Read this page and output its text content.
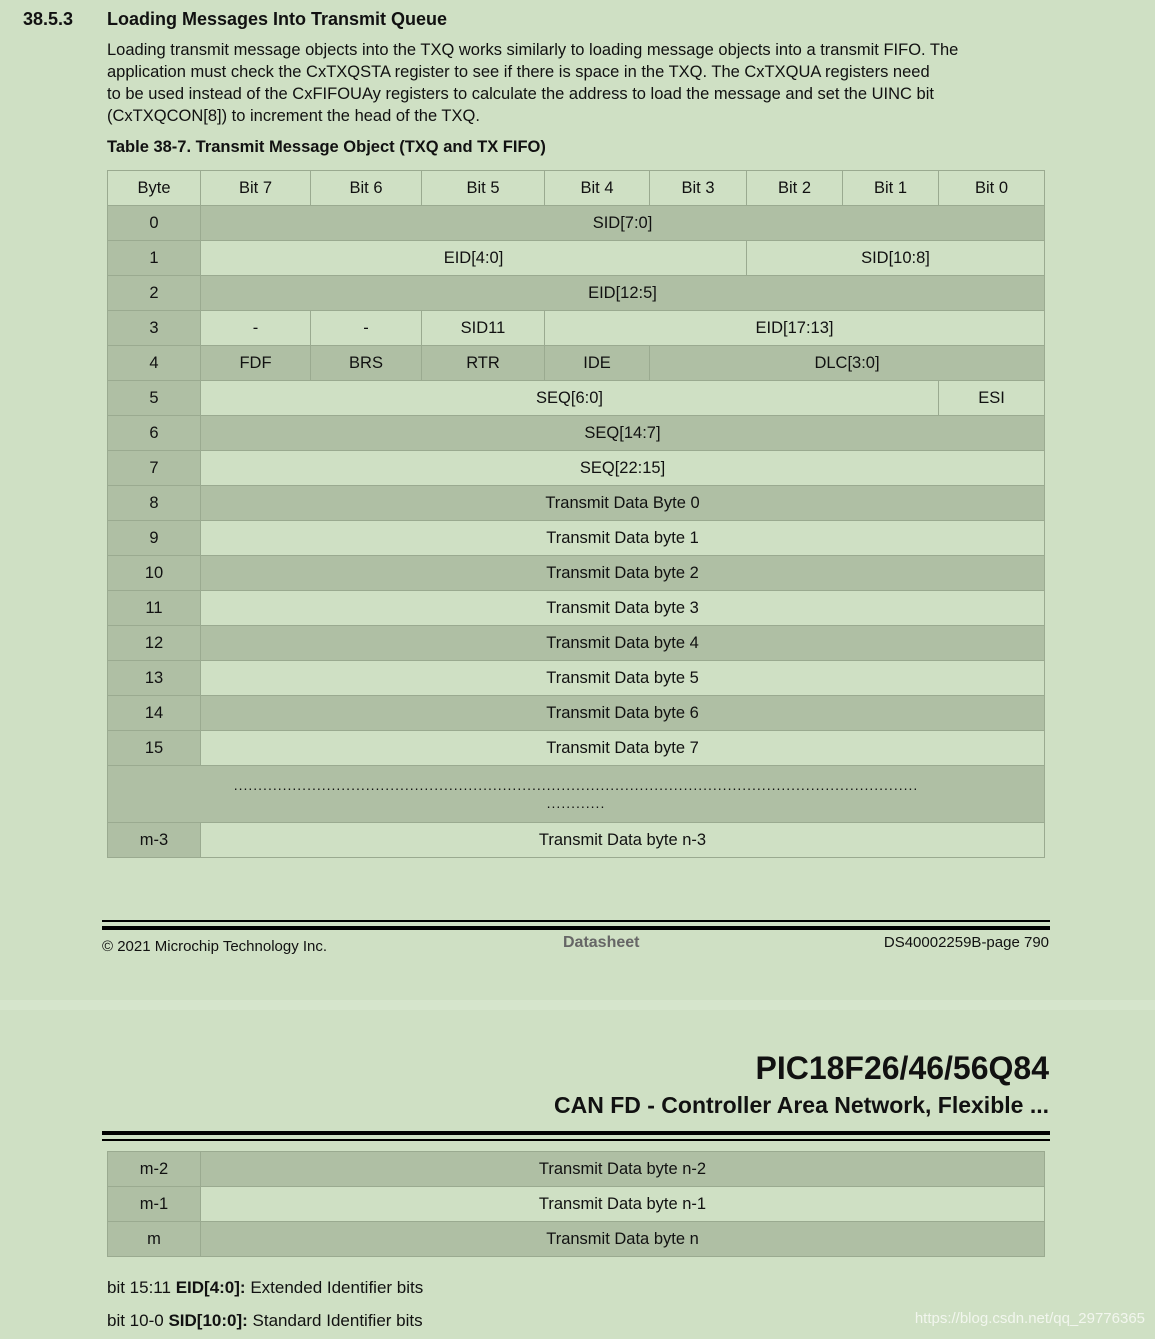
38.5.3 Loading Messages Into Transmit Queue
Loading transmit message objects into the TXQ works similarly to loading message objects into a transmit FIFO. The
application must check the CxTXQSTA register to see if there is space in the TXQ. The CxTXQUA registers need
to be used instead of the CxFIFOUAy registers to calculate the address to load the message and set the UINC bit
(CxTXQCON[8]) to increment the head of the TXQ.
Table 38-7. Transmit Message Object (TXQ and TX FIFO)
Byte	Bit 7	Bit 6	Bit 5	Bit 4	Bit 3	Bit 2	Bit 1	Bit 0
0	SID[7:0]							
1	EID[4:0]					SID[10:8]		
2	EID[12:5]							
3	-	-	SID11	EID[17:13]				
4	FDF	BRS	RTR	IDE	DLC[3:0]			
5	SEQ[6:0]							ESI
6	SEQ[14:7]							
7	SEQ[22:15]							
8	Transmit Data Byte 0							
9	Transmit Data byte 1							
10	Transmit Data byte 2							
11	Transmit Data byte 3							
12	Transmit Data byte 4							
13	Transmit Data byte 5							
14	Transmit Data byte 6							
15	Transmit Data byte 7							

............................................................................................................................................
............								

m-3	Transmit Data byte n-3							
© 2021 Microchip Technology Inc.	Datasheet	DS40002259B-page 790
PIC18F26/46/56Q84
CAN FD - Controller Area Network, Flexible ...
m-2	Transmit Data byte n-2
m-1	Transmit Data byte n-1
m	Transmit Data byte n
bit 15:11 EID[4:0]: Extended Identifier bits
bit 10-0 SID[10:0]: Standard Identifier bits	https://blog.csdn.net/qq_29776365
